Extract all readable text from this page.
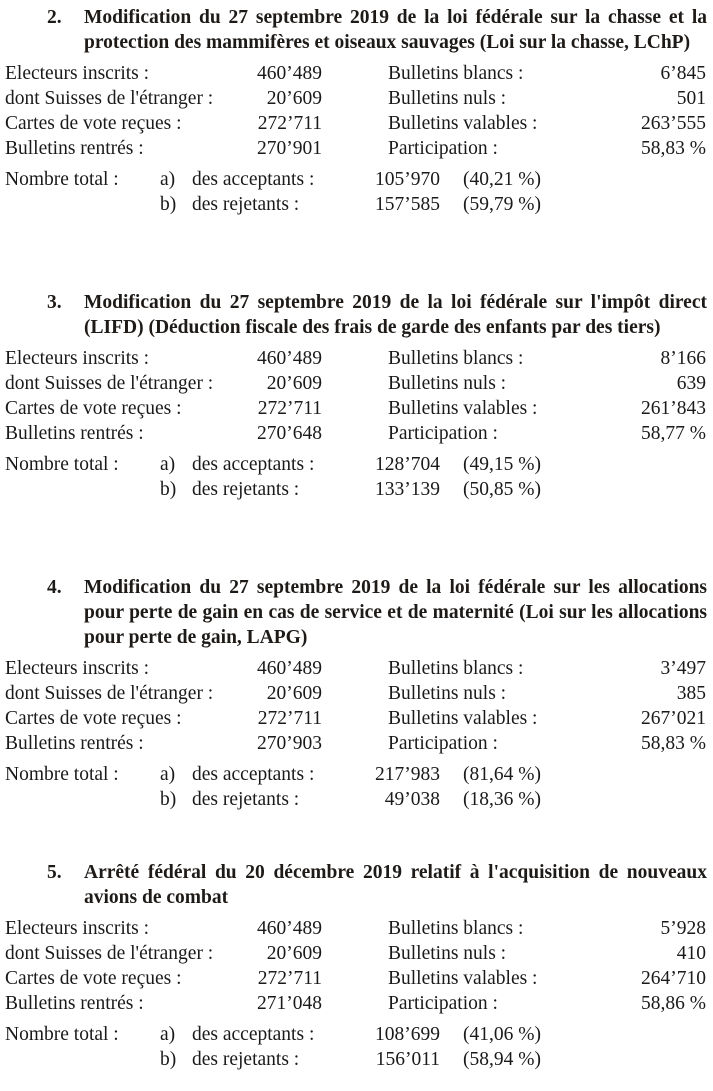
2. Modification du 27 septembre 2019 de la loi fédérale sur la chasse et la protection des mammifères et oiseaux sauvages (Loi sur la chasse, LChP)
Electeurs inscrits :	460’489	Bulletins blancs :	6’845
dont Suisses de l'étranger :	20’609	Bulletins nuls :	501
Cartes de vote reçues :	272’711	Bulletins valables :	263’555
Bulletins rentrés :	270’901	Participation :	58,83 %
Nombre total : a) des acceptants :	105’970 (40,21 %)
b) des rejetants :	157’585 (59,79 %)
3. Modification du 27 septembre 2019 de la loi fédérale sur l'impôt direct (LIFD) (Déduction fiscale des frais de garde des enfants par des tiers)
Electeurs inscrits :	460’489	Bulletins blancs :	8’166
dont Suisses de l'étranger :	20’609	Bulletins nuls :	639
Cartes de vote reçues :	272’711	Bulletins valables :	261’843
Bulletins rentrés :	270’648	Participation :	58,77 %
Nombre total : a) des acceptants :	128’704 (49,15 %)
b) des rejetants :	133’139 (50,85 %)
4. Modification du 27 septembre 2019 de la loi fédérale sur les allocations pour perte de gain en cas de service et de maternité (Loi sur les allocations pour perte de gain, LAPG)
Electeurs inscrits :	460’489	Bulletins blancs :	3’497
dont Suisses de l'étranger :	20’609	Bulletins nuls :	385
Cartes de vote reçues :	272’711	Bulletins valables :	267’021
Bulletins rentrés :	270’903	Participation :	58,83 %
Nombre total : a) des acceptants :	217’983 (81,64 %)
b) des rejetants :	49’038 (18,36 %)
5. Arrêté fédéral du 20 décembre 2019 relatif à l'acquisition de nouveaux avions de combat
Electeurs inscrits :	460’489	Bulletins blancs :	5’928
dont Suisses de l'étranger :	20’609	Bulletins nuls :	410
Cartes de vote reçues :	272’711	Bulletins valables :	264’710
Bulletins rentrés :	271’048	Participation :	58,86 %
Nombre total : a) des acceptants :	108’699 (41,06 %)
b) des rejetants :	156’011 (58,94 %)
